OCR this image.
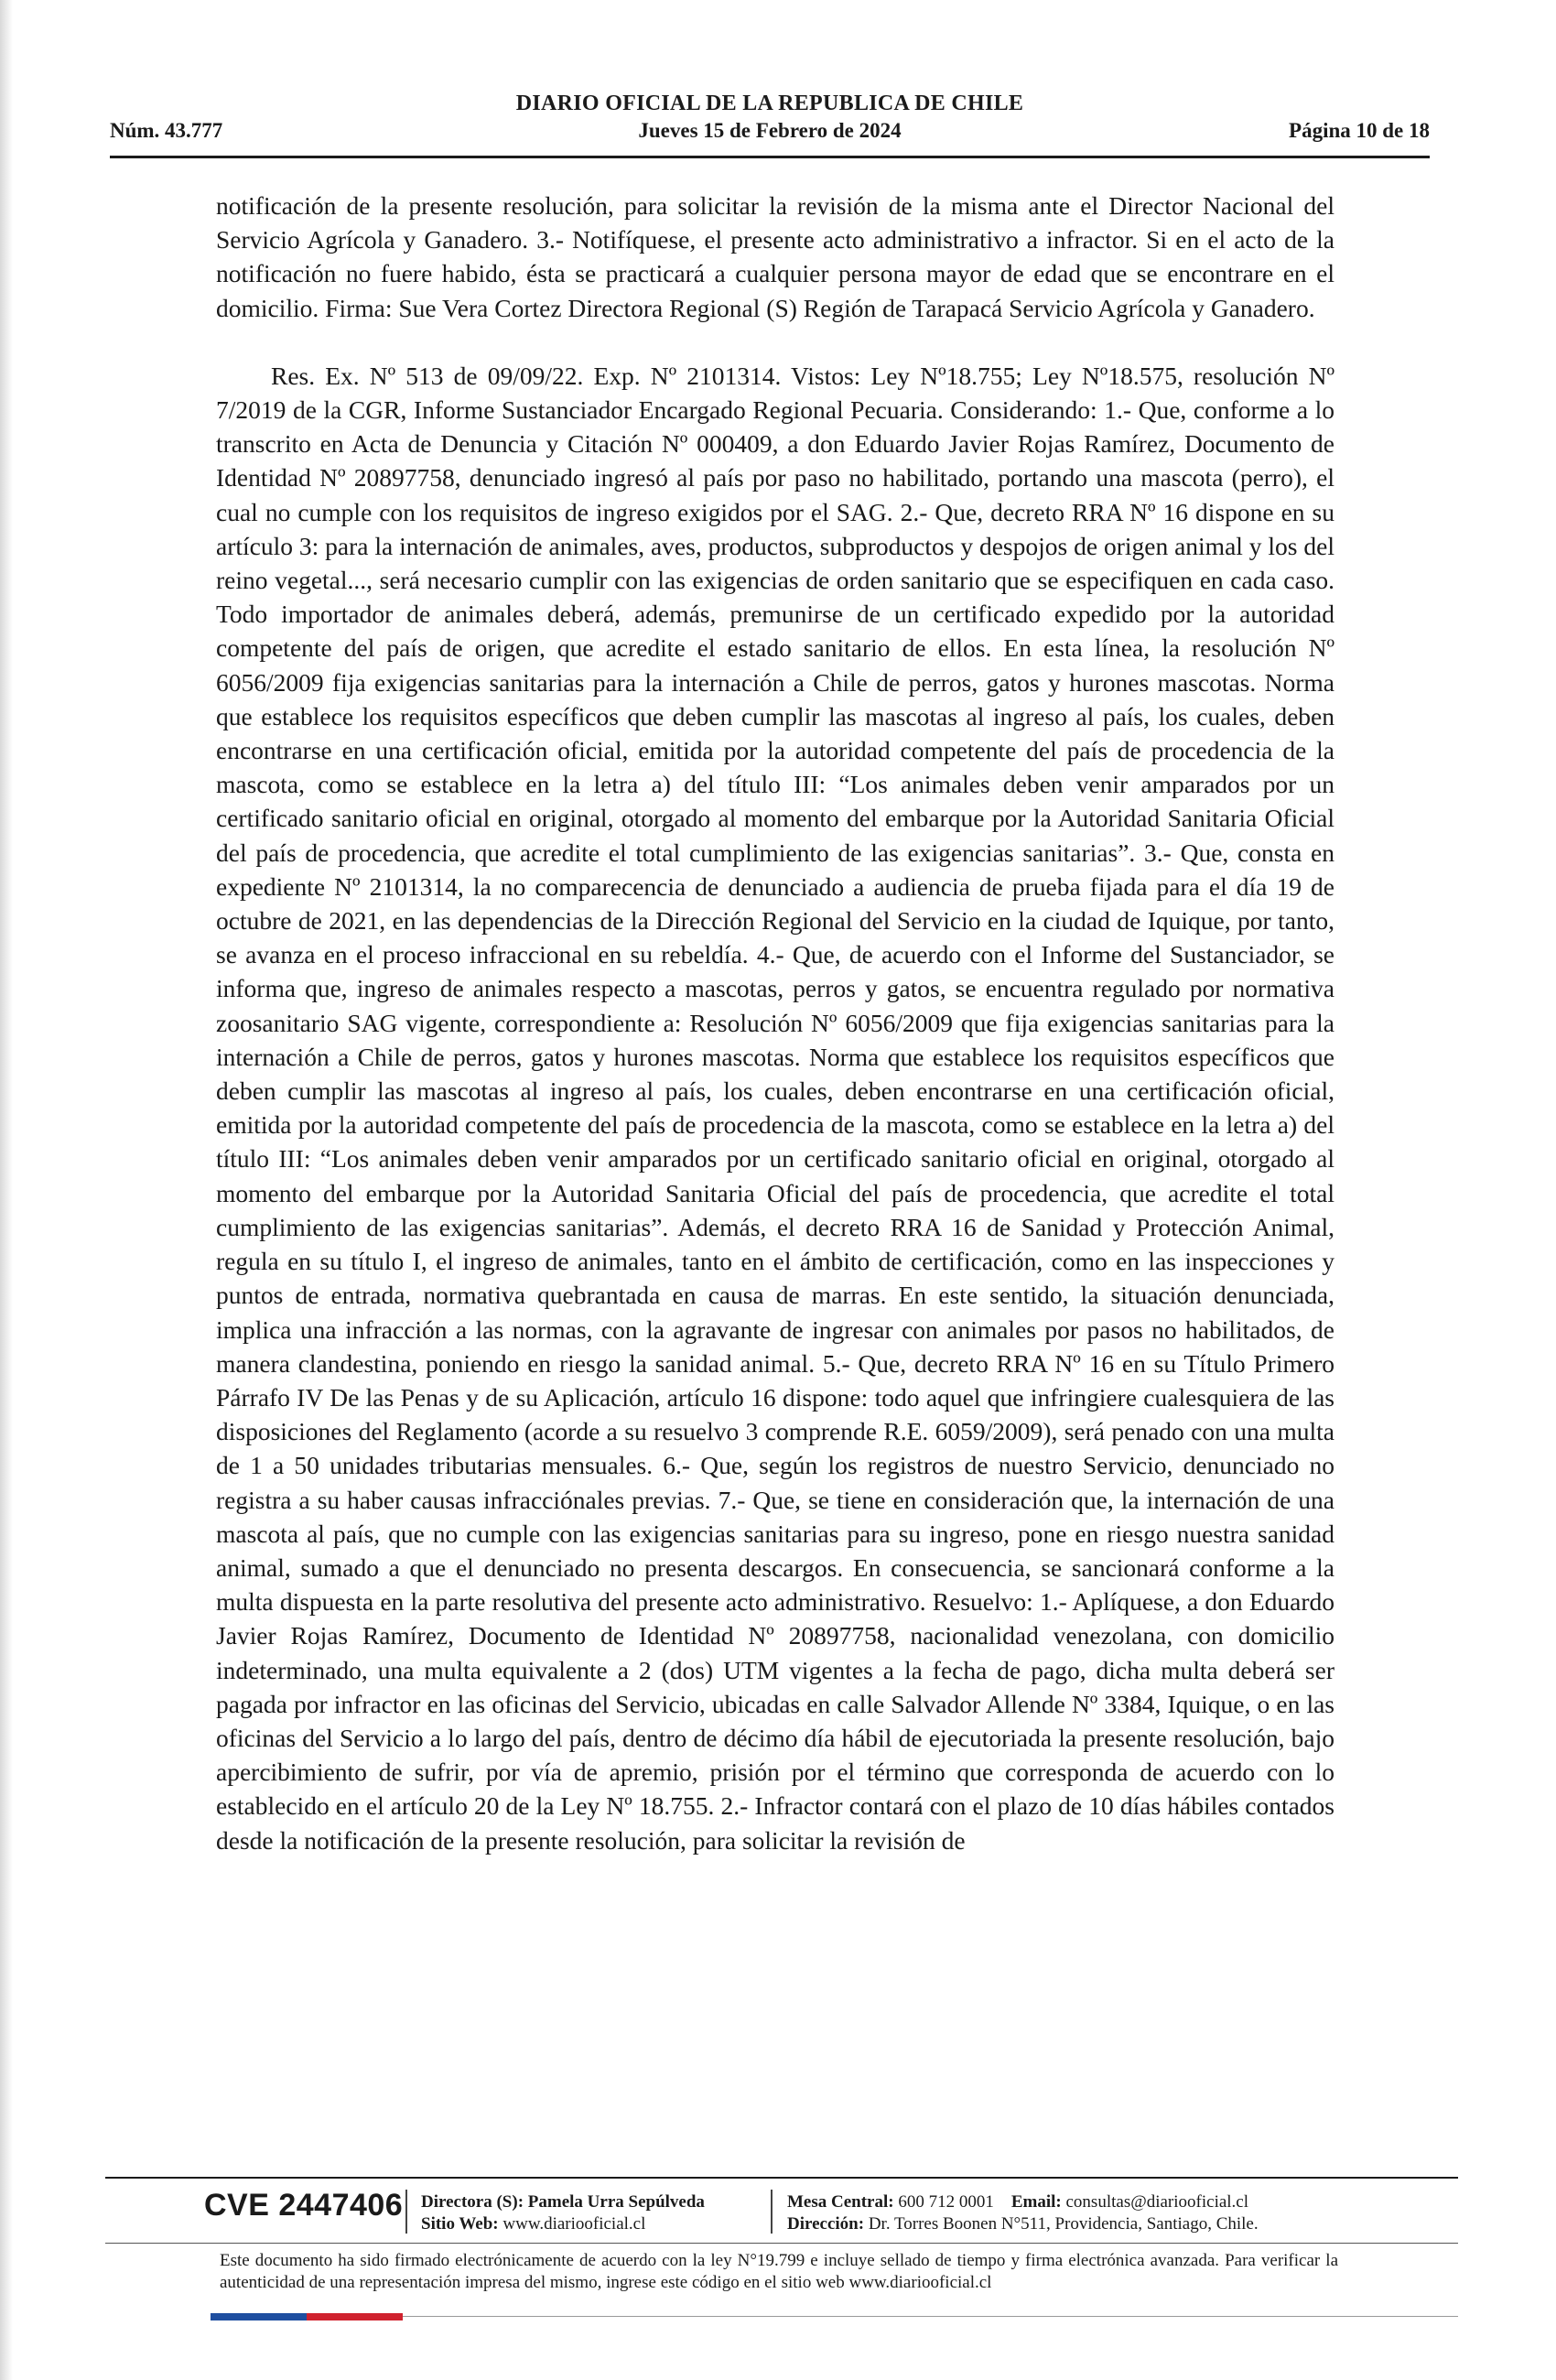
DIARIO OFICIAL DE LA REPUBLICA DE CHILE
Núm. 43.777	Jueves 15 de Febrero de 2024	Página 10 de 18

notificación de la presente resolución, para solicitar la revisión de la misma ante el Director Nacional del Servicio Agrícola y Ganadero. 3.- Notifíquese, el presente acto administrativo a infractor. Si en el acto de la notificación no fuere habido, ésta se practicará a cualquier persona mayor de edad que se encontrare en el domicilio. Firma: Sue Vera Cortez Directora Regional (S) Región de Tarapacá Servicio Agrícola y Ganadero.

Res. Ex. Nº 513 de 09/09/22. Exp. Nº 2101314. Vistos: Ley Nº18.755; Ley Nº18.575, resolución Nº 7/2019 de la CGR, Informe Sustanciador Encargado Regional Pecuaria. Considerando: 1.- Que, conforme a lo transcrito en Acta de Denuncia y Citación Nº 000409, a don Eduardo Javier Rojas Ramírez, Documento de Identidad Nº 20897758, denunciado ingresó al país por paso no habilitado, portando una mascota (perro), el cual no cumple con los requisitos de ingreso exigidos por el SAG. 2.- Que, decreto RRA Nº 16 dispone en su artículo 3: para la internación de animales, aves, productos, subproductos y despojos de origen animal y los del reino vegetal..., será necesario cumplir con las exigencias de orden sanitario que se especifiquen en cada caso. Todo importador de animales deberá, además, premunirse de un certificado expedido por la autoridad competente del país de origen, que acredite el estado sanitario de ellos. En esta línea, la resolución Nº 6056/2009 fija exigencias sanitarias para la internación a Chile de perros, gatos y hurones mascotas. Norma que establece los requisitos específicos que deben cumplir las mascotas al ingreso al país, los cuales, deben encontrarse en una certificación oficial, emitida por la autoridad competente del país de procedencia de la mascota, como se establece en la letra a) del título III: “Los animales deben venir amparados por un certificado sanitario oficial en original, otorgado al momento del embarque por la Autoridad Sanitaria Oficial del país de procedencia, que acredite el total cumplimiento de las exigencias sanitarias”. 3.- Que, consta en expediente Nº 2101314, la no comparecencia de denunciado a audiencia de prueba fijada para el día 19 de octubre de 2021, en las dependencias de la Dirección Regional del Servicio en la ciudad de Iquique, por tanto, se avanza en el proceso infraccional en su rebeldía. 4.- Que, de acuerdo con el Informe del Sustanciador, se informa que, ingreso de animales respecto a mascotas, perros y gatos, se encuentra regulado por normativa zoosanitario SAG vigente, correspondiente a: Resolución Nº 6056/2009 que fija exigencias sanitarias para la internación a Chile de perros, gatos y hurones mascotas. Norma que establece los requisitos específicos que deben cumplir las mascotas al ingreso al país, los cuales, deben encontrarse en una certificación oficial, emitida por la autoridad competente del país de procedencia de la mascota, como se establece en la letra a) del título III: “Los animales deben venir amparados por un certificado sanitario oficial en original, otorgado al momento del embarque por la Autoridad Sanitaria Oficial del país de procedencia, que acredite el total cumplimiento de las exigencias sanitarias”. Además, el decreto RRA 16 de Sanidad y Protección Animal, regula en su título I, el ingreso de animales, tanto en el ámbito de certificación, como en las inspecciones y puntos de entrada, normativa quebrantada en causa de marras. En este sentido, la situación denunciada, implica una infracción a las normas, con la agravante de ingresar con animales por pasos no habilitados, de manera clandestina, poniendo en riesgo la sanidad animal. 5.- Que, decreto RRA Nº 16 en su Título Primero Párrafo IV De las Penas y de su Aplicación, artículo 16 dispone: todo aquel que infringiere cualesquiera de las disposiciones del Reglamento (acorde a su resuelvo 3 comprende R.E. 6059/2009), será penado con una multa de 1 a 50 unidades tributarias mensuales. 6.- Que, según los registros de nuestro Servicio, denunciado no registra a su haber causas infracciónales previas. 7.- Que, se tiene en consideración que, la internación de una mascota al país, que no cumple con las exigencias sanitarias para su ingreso, pone en riesgo nuestra sanidad animal, sumado a que el denunciado no presenta descargos. En consecuencia, se sancionará conforme a la multa dispuesta en la parte resolutiva del presente acto administrativo. Resuelvo: 1.- Aplíquese, a don Eduardo Javier Rojas Ramírez, Documento de Identidad Nº 20897758, nacionalidad venezolana, con domicilio indeterminado, una multa equivalente a 2 (dos) UTM vigentes a la fecha de pago, dicha multa deberá ser pagada por infractor en las oficinas del Servicio, ubicadas en calle Salvador Allende Nº 3384, Iquique, o en las oficinas del Servicio a lo largo del país, dentro de décimo día hábil de ejecutoriada la presente resolución, bajo apercibimiento de sufrir, por vía de apremio, prisión por el término que corresponda de acuerdo con lo establecido en el artículo 20 de la Ley Nº 18.755. 2.- Infractor contará con el plazo de 10 días hábiles contados desde la notificación de la presente resolución, para solicitar la revisión de

CVE 2447406 Directora (S): Pamela Urra Sepúlveda
Sitio Web: www.diariooficial.cl
Mesa Central: 600 712 0001 Email: consultas@diariooficial.cl
Dirección: Dr. Torres Boonen N°511, Providencia, Santiago, Chile.
Este documento ha sido firmado electrónicamente de acuerdo con la ley N°19.799 e incluye sellado de tiempo y firma electrónica avanzada. Para verificar la autenticidad de una representación impresa del mismo, ingrese este código en el sitio web www.diariooficial.cl
